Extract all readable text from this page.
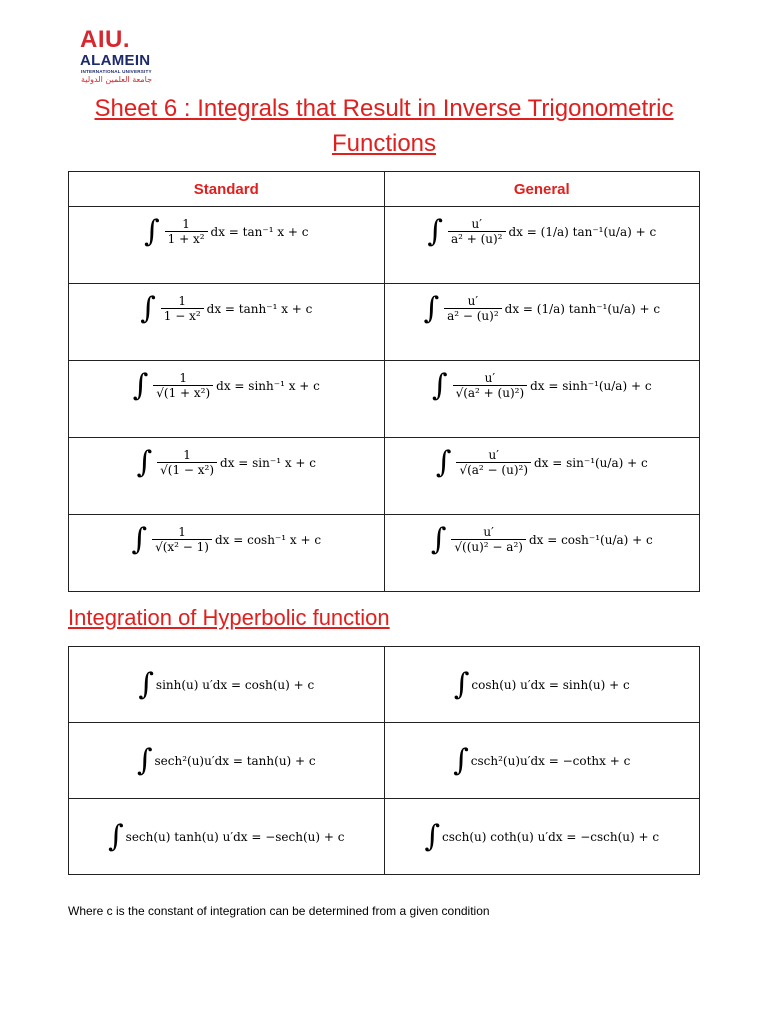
AIU.
ALAMEIN
INTERNATIONAL UNIVERSITY
جامعة العلمين الدولية
Sheet 6 : Integrals that Result in Inverse Trigonometric
Functions
Standard	General

∫ $\frac{1}{\text{1 + x²}}$ dx = tan⁻¹ x + c	∫ $\frac{u'}{\text{a² + (u)²}}$ dx = (1/a) tan⁻¹(u/a) + c

∫ $\frac{1}{\text{1 − x²}}$ dx = tanh⁻¹ x + c	∫ $\frac{u'}{\text{a² − (u)²}}$ dx = (1/a) tanh⁻¹(u/a) + c

∫ $\frac{1}{\text{√(1 + x²)}}$ dx = sinh⁻¹ x + c	∫ $\frac{u'}{\text{√(a² + (u)²)}}$ dx = sinh⁻¹(u/a) + c

∫ $\frac{1}{\text{√(1 − x²)}}$ dx = sin⁻¹ x + c	∫ $\frac{u'}{\text{√(a² − (u)²)}}$ dx = sin⁻¹(u/a) + c

∫ $\frac{1}{\text{√(x² − 1)}}$ dx = cosh⁻¹ x + c	∫ $\frac{u'}{\text{√((u)² − a²)}}$ dx = cosh⁻¹(u/a) + c
Integration of Hyperbolic function
∫ sinh(u) u′dx = cosh(u) + c	∫ cosh(u) u′dx = sinh(u) + c

∫ sech²(u)u′dx = tanh(u) + c	∫ csch²(u)u′dx = −cothx + c

∫ sech(u) tanh(u) u′dx = −sech(u) + c	∫ csch(u) coth(u) u′dx = −csch(u) + c
Where c is the constant of integration can be determined from a given condition
